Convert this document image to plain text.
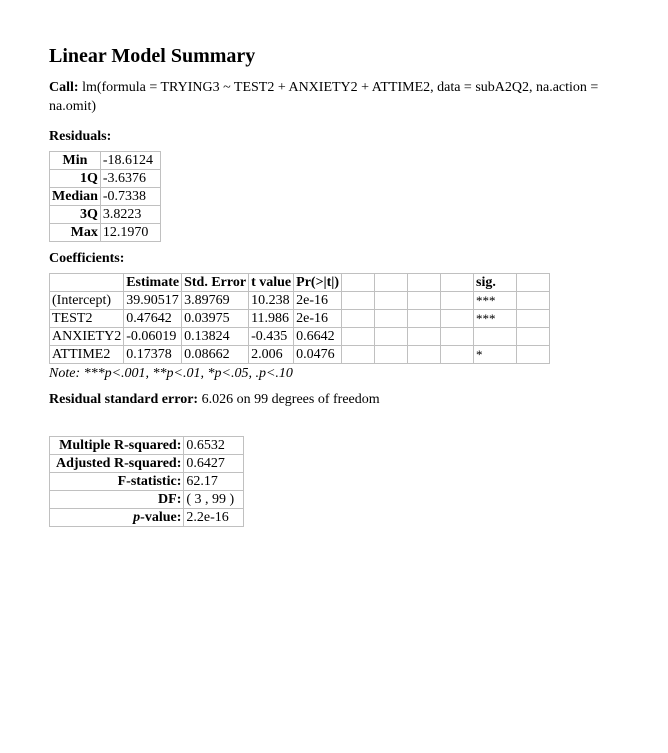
Linear Model Summary

Call: lm(formula = TRYING3 ~ TEST2 + ANXIETY2 + ATTIME2, data = subA2Q2, na.action = na.omit)

Residuals:
Min	-18.6124
1Q	-3.6376
Median	-0.7338
3Q	3.8223
Max	12.1970
Coefficients:
	Estimate	Std. Error	t value	Pr(>|t|)					sig.	
(Intercept)	39.90517	3.89769	10.238	2e-16					***	
TEST2	0.47642	0.03975	11.986	2e-16					***	
ANXIETY2	-0.06019	0.13824	-0.435	0.6642						
ATTIME2	0.17378	0.08662	2.006	0.0476					*	

Note: ***p<.001, **p<.01, *p<.05, .p<.10

Residual standard error: 6.026 on 99 degrees of freedom

Multiple R-squared:	0.6532
Adjusted R-squared:	0.6427
F-statistic:	62.17
DF:	( 3 , 99 )
p-value:	2.2e-16
